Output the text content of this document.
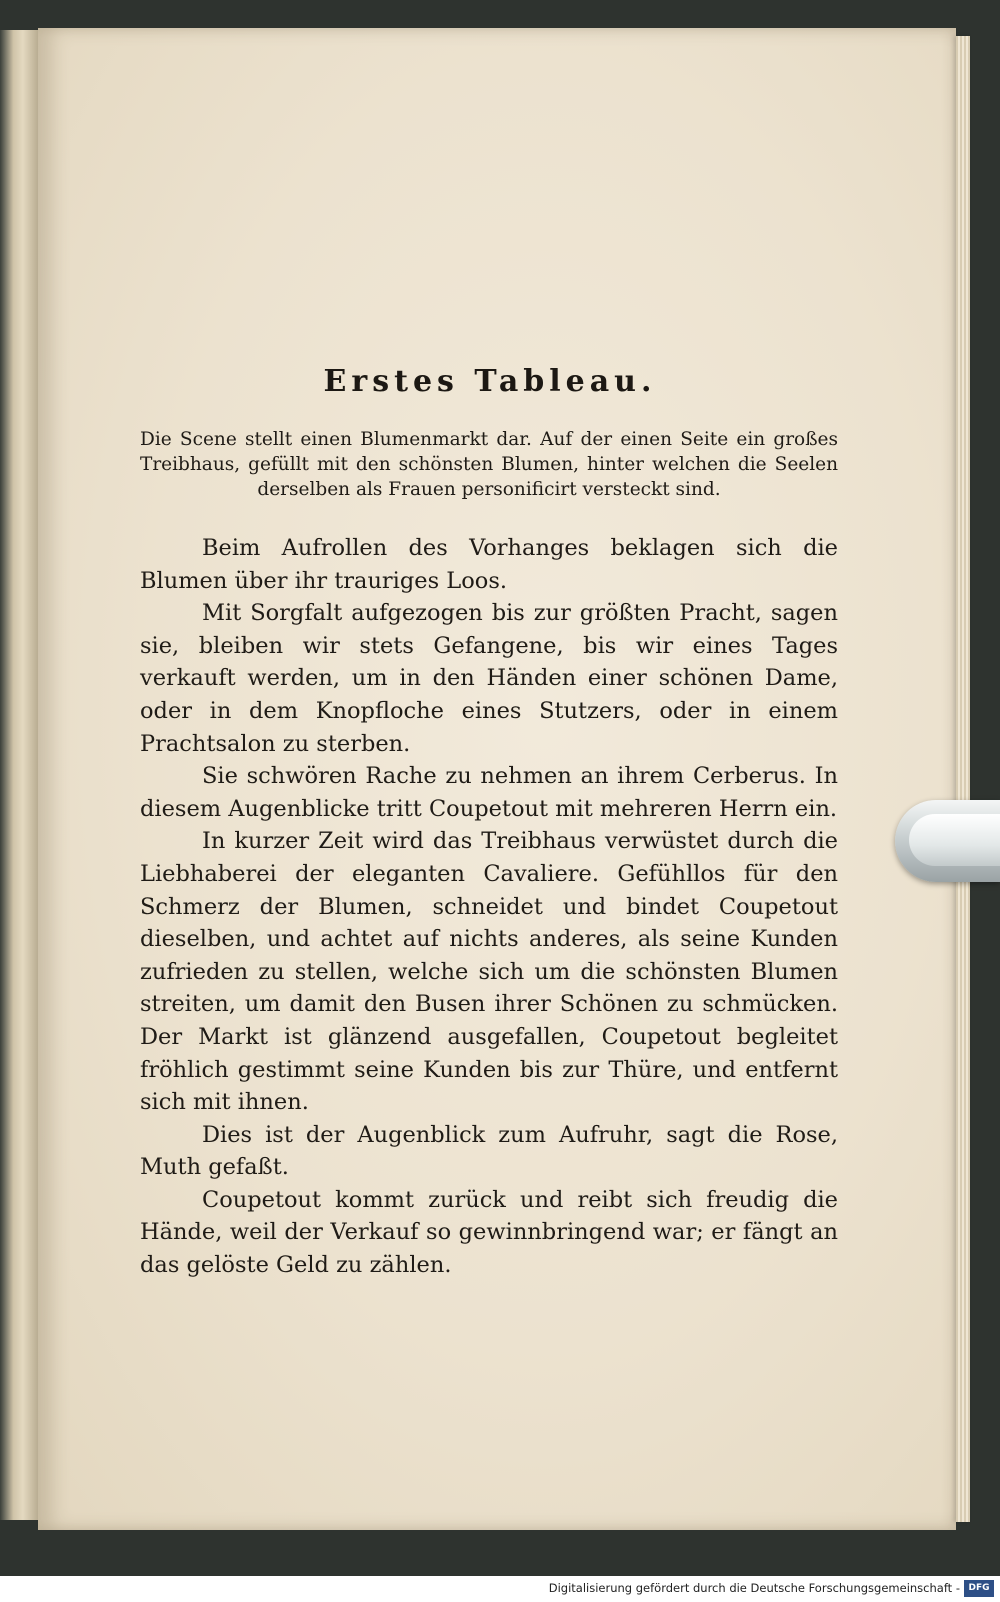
Erstes Tableau.
Die Scene stellt einen Blumenmarkt dar. Auf der einen Seite ein großes Treibhaus, gefüllt mit den schönsten Blumen, hinter welchen die Seelen derselben als Frauen personificirt versteckt sind.

Beim Aufrollen des Vorhanges beklagen sich die Blumen über ihr trauriges Loos.

Mit Sorgfalt aufgezogen bis zur größten Pracht, sagen sie, bleiben wir stets Gefangene, bis wir eines Tages verkauft werden, um in den Händen einer schönen Dame, oder in dem Knopfloche eines Stutzers, oder in einem Prachtsalon zu sterben.

Sie schwören Rache zu nehmen an ihrem Cerberus. In diesem Augenblicke tritt Coupetout mit mehreren Herrn ein.

In kurzer Zeit wird das Treibhaus verwüstet durch die Liebhaberei der eleganten Cavaliere. Gefühllos für den Schmerz der Blumen, schneidet und bindet Coupetout dieselben, und achtet auf nichts anderes, als seine Kunden zufrieden zu stellen, welche sich um die schönsten Blumen streiten, um damit den Busen ihrer Schönen zu schmücken. Der Markt ist glänzend ausgefallen, Coupetout begleitet fröhlich gestimmt seine Kunden bis zur Thüre, und entfernt sich mit ihnen.

Dies ist der Augenblick zum Aufruhr, sagt die Rose, Muth gefaßt.

Coupetout kommt zurück und reibt sich freudig die Hände, weil der Verkauf so gewinnbringend war; er fängt an das gelöste Geld zu zählen.

Digitalisierung gefördert durch die Deutsche Forschungsgemeinschaft - DFG
